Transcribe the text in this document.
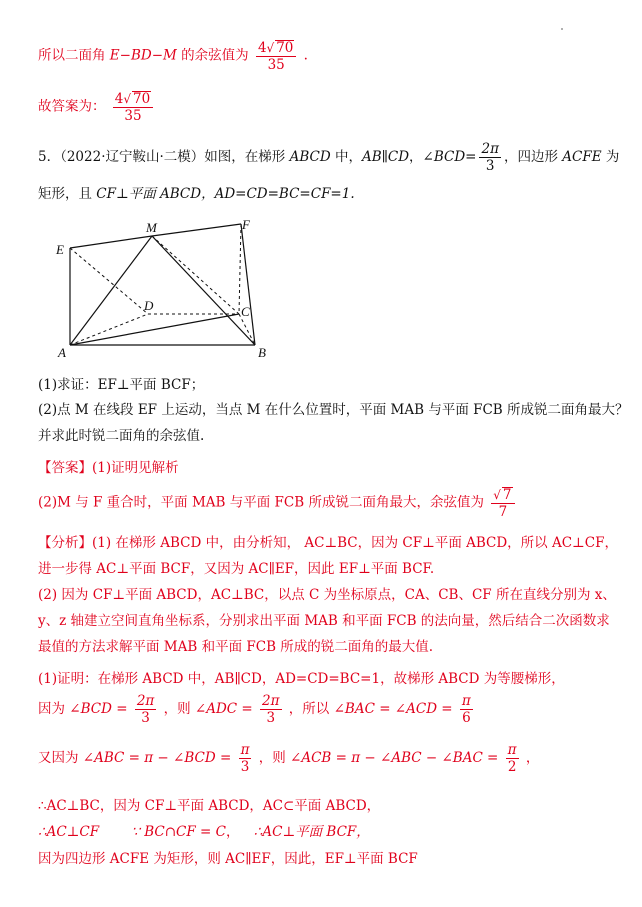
所以二面角 E−BD−M 的余弦值为 $\frac{4√ 70}{35}$ .
故答案为： $\frac{4√ 70}{35}$
5．（2022·辽宁鞍山·二模）如图，在梯形 ABCD 中，AB∥CD，∠BCD= $\frac{2\pi}{3}$ ，四边形 ACFE 为
矩形，且 CF⊥平面 ABCD，AD=CD=BC=CF=1.
E
M	F
D	C
A	B
(1)求证：EF⊥平面 BCF；
(2)点 M 在线段 EF 上运动，当点 M 在什么位置时，平面 MAB 与平面 FCB 所成锐二面角最大？
并求此时锐二面角的余弦值.
【答案】(1)证明见解析
(2)M 与 F 重合时，平面 MAB 与平面 FCB 所成锐二面角最大，余弦值为 $\frac{√ 7}{7}$
【分析】(1) 在梯形 ABCD 中，由分析知， AC⊥BC，因为 CF⊥平面 ABCD，所以 AC⊥CF，
进一步得 AC⊥平面 BCF，又因为 AC∥EF，因此 EF⊥平面 BCF.
(2) 因为 CF⊥平面 ABCD，AC⊥BC，以点 C 为坐标原点，CA、CB、CF 所在直线分别为 x、
y、z 轴建立空间直角坐标系，分别求出平面 MAB 和平面 FCB 的法向量，然后结合二次函数求
最值的方法求解平面 MAB 和平面 FCB 所成的锐二面角的最大值.
(1)证明：在梯形 ABCD 中，AB∥CD，AD=CD=BC=1，故梯形 ABCD 为等腰梯形，
因为 ∠BCD = $\frac{2\pi}{3}$ ，则 ∠ADC = $\frac{2\pi}{3}$ ，所以 ∠BAC = ∠ACD = $\frac{\pi}{6}$
又因为 ∠ABC = π − ∠BCD = $\frac{\pi}{3}$ ，则 ∠ACB = π − ∠ABC − ∠BAC = $\frac{\pi}{2}$ ，
∴AC⊥BC，因为 CF⊥平面 ABCD，AC⊂平面 ABCD，
∴AC⊥CF ∵ BC∩CF = C， ∴AC⊥平面 BCF，
因为四边形 ACFE 为矩形，则 AC∥EF，因此，EF⊥平面 BCF
